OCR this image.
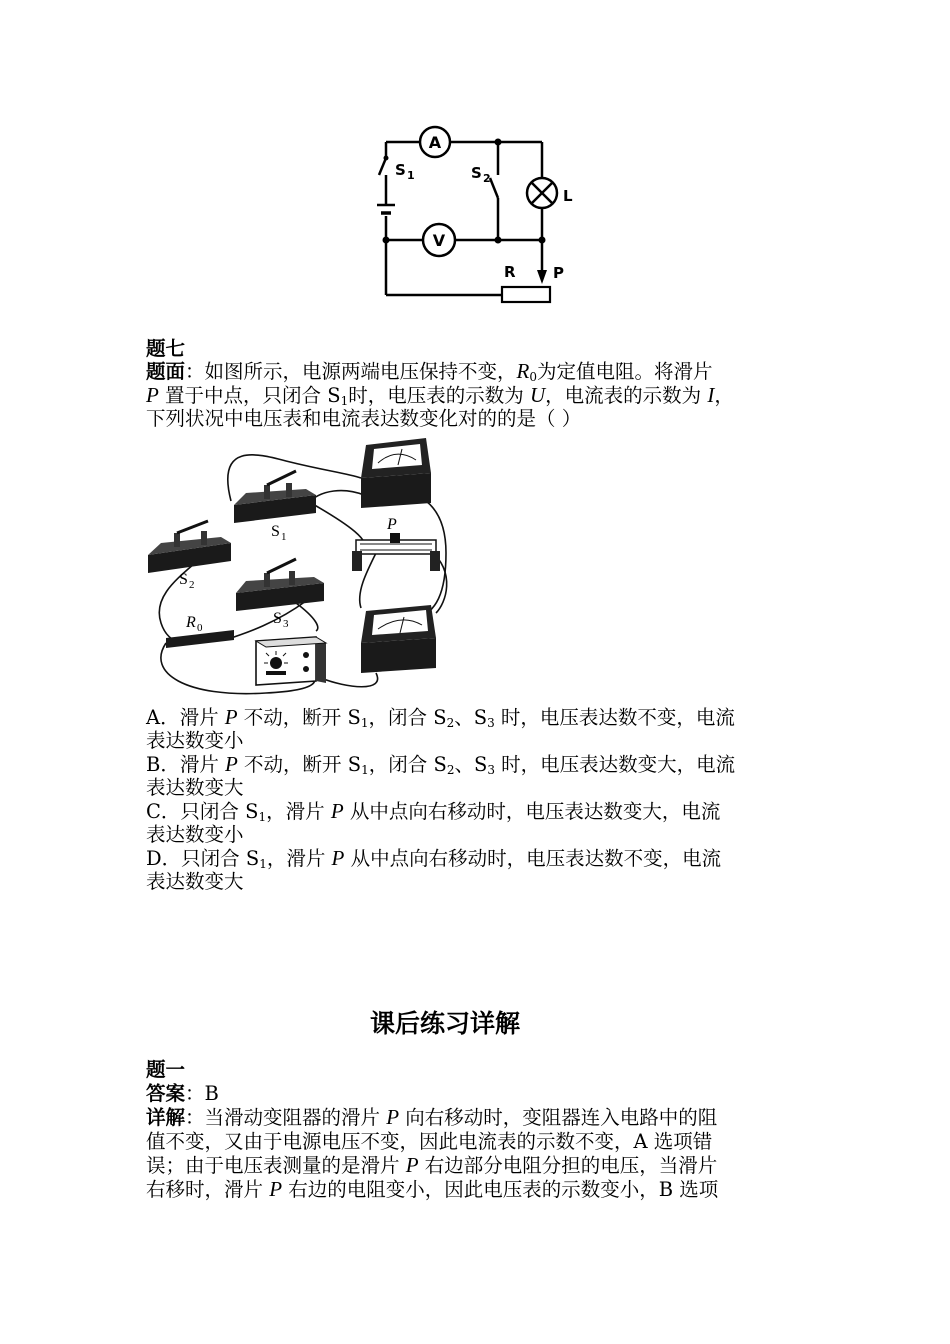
A
V
S 1	S 2
L
R P
题七
题面：如图所示，电源两端电压保持不变，$R_0$为定值电阻。将滑片
P 置于中点，只闭合 $S_1$时，电压表的示数为 U，电流表的示数为 I，
下列状况中电压表和电流表达数变化对的的是（ ）
S 1
S 2
S 3
R 0
P
A．滑片 P 不动，断开 $S_1$，闭合 $S_2$、$S_3$ 时，电压表达数不变，电流
表达数变小
B．滑片 P 不动，断开 $S_1$，闭合 $S_2$、$S_3$ 时，电压表达数变大，电流
表达数变大
C．只闭合 $S_1$，滑片 P 从中点向右移动时，电压表达数变大，电流
表达数变小
D．只闭合 $S_1$，滑片 P 从中点向右移动时，电压表达数不变，电流
表达数变大
课后练习详解
题一
答案：B
详解：当滑动变阻器的滑片 P 向右移动时，变阻器连入电路中的阻
值不变，又由于电源电压不变，因此电流表的示数不变，A 选项错
误；由于电压表测量的是滑片 P 右边部分电阻分担的电压，当滑片
右移时，滑片 P 右边的电阻变小，因此电压表的示数变小，B 选项
